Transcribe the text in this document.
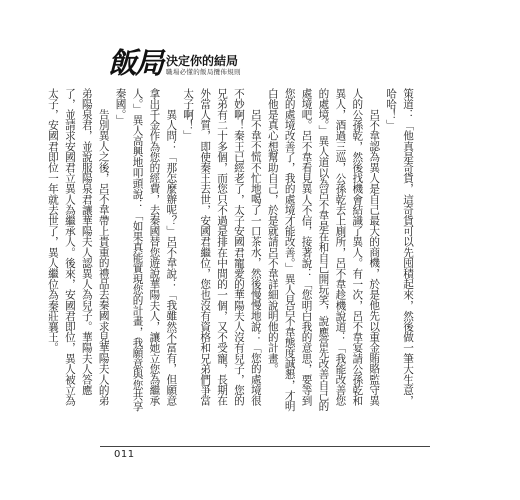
飯局 決定你的結局
職場必懂的飯局攬佈規則

策道：「他真是奇貨，這奇貨可以先囤積起來，然後做一筆大生意，哈哈！」

呂不韋認為異人是自己最大的商機，於是他先以重金賄賂監守異人的公孫乾，然後找機會結識了異人。有一次，呂不韋宴請公孫乾和異人，酒過三巡，公孫乾去上廁所，呂不韋趁機說道：「我能改善您的處境。」異人道以為呂不韋是在和自己開玩笑，說應當先改善自己的處境吧。呂不韋看見異人不信，接著說：「您明白我的意思，要等到您的處境改善了，我的處境才能改善。」異人見呂不韋態度誠懇，才明白他是真心想幫助自己，於是就請呂不韋詳細說明他的計畫。

呂不韋不慌不忙地喝了一口茶水，然後慢慢地說：「您的處境很不妙啊！秦王已經老了，太子安國君寵愛的華陽夫人沒有兒子，您的兄弟有二十多個，而您只不過是排在中間的一個，又不受寵，長期在外當人質，即使秦王去世，安國君繼位，您也沒有資格和兄弟們爭當太子啊！」

異人問：「那怎麼辦呢？」呂不韋說：「我雖然不富有，但願意拿出千金作為您的經費，去秦國替您遊說華陽夫人，讓她立您為繼承人。」異人高興地叩頭說：「如果真能實現您的計畫，我願意與您共享秦國。」

告別異人之後，呂不韋帶上貴重的禮品去秦國求見華陽夫人的弟弟陽泉君，並說服陽泉君讓華陽夫人認異人為兒子。華陽夫人答應了，並請求安國君立異人為繼承人。後來，安國君即位，異人被立為太子，安國君即位一年就去世了，異人繼位為秦莊襄王。

011
